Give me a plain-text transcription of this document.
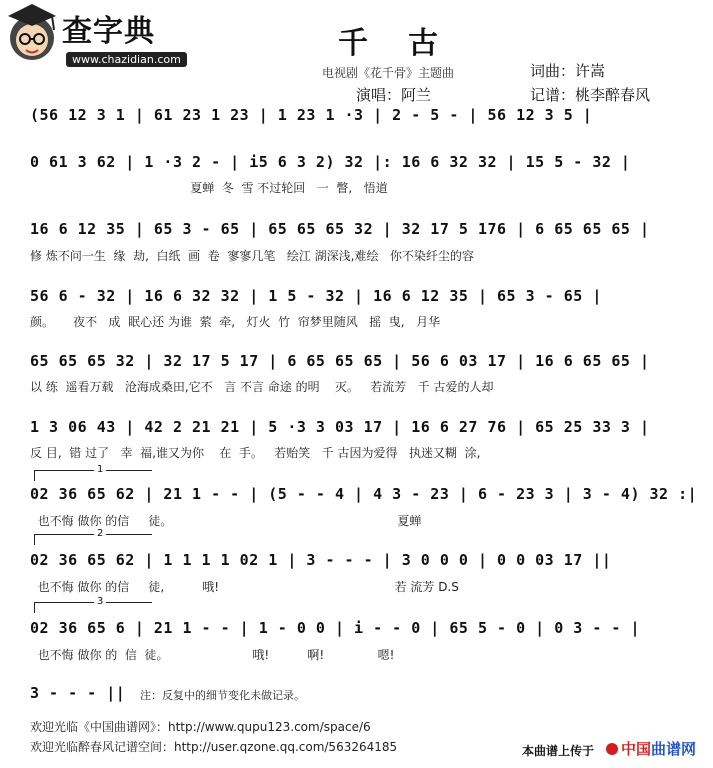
查字典
www.chazidian.com	千古
电视剧《花千骨》主题曲	词曲：许嵩
演唱：阿兰	记谱：桃李醉春风
(56 12 3 1 | 61 23 1 23 | 1 23 1 ·3 | 2 - 5 - | 56 12 3 5 |
0 61 3 62 | 1 ·3 2 - | i5 6 3 2) 32 |: 16 6 32 32 | 15 5 - 32 |
夏蝉  冬  雪 不过轮回   一  瞥,   悟道
16 6 12 35 | 65 3 - 65 | 65 65 65 32 | 32 17 5 176 | 6 65 65 65 |
修 炼不问一生  缘  劫,  白纸  画  卷  寥寥几笔   绘江 湖深浅,难绘   你不染纤尘的容
56 6 - 32 | 16 6 32 32 | 1 5 - 32 | 16 6 12 35 | 65 3 - 65 |
颜。     夜不   成  眠心还 为谁  萦  牵,   灯火  竹  帘梦里随风   摇  曳,   月华
65 65 65 32 | 32 17 5 17 | 6 65 65 65 | 56 6 03 17 | 16 6 65 65 |
以 练  遥看万载   沧海成桑田,它不   言 不言 命途 的明    灭。   若流芳   千 古爱的人却
1 3 06 43 | 42 2 21 21 | 5 ·3 3 03 17 | 16 6 27 76 | 65 25 33 3 |
反 目,  错 过了   幸  福,谁又为你    在  手。   若贻笑   千 古因为爱得   执迷又糊  涂,
1
02 36 65 62 | 21 1 - - | (5 - - 4 | 4 3 - 23 | 6 - 23 3 | 3 - 4) 32 :|
也不悔 做你 的信     徒。                                                           夏蝉
2
02 36 65 62 | 1 1 1 1 02 1 | 3 - - - | 3 0 0 0 | 0 0 03 17 ||
也不悔 做你 的信     徒,          哦!                                              若 流芳 D.S
3
02 36 65 6 | 21 1 - - | 1 - 0 0 | i - - 0 | 65 5 - 0 | 0 3 - - |
也不悔 做你 的  信  徒。                      哦!          啊!              嗯!
3 - - - || 注：反复中的细节变化未做记录。
欢迎光临《中国曲谱网》：http://www.qupu123.com/space/6
欢迎光临醉春风记谱空间：http://user.qzone.qq.com/563264185	本曲谱上传于	中国曲谱网
